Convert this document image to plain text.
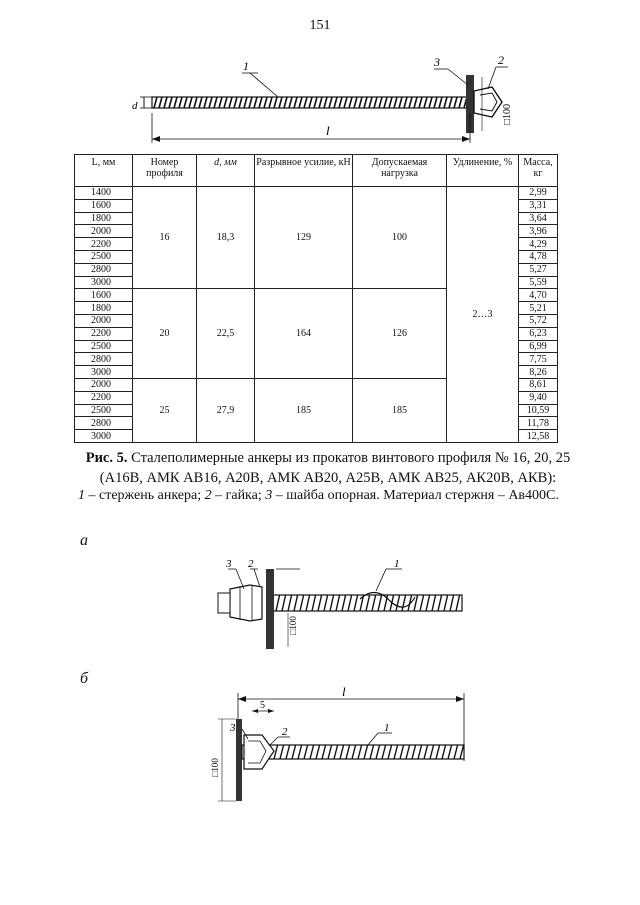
151
d
l
□100
1	3	2
L, мм	Номер профиля	d, мм	Разрывное усилие, кН	Допускаемая нагрузка	Удлинение, %	Масса, кг
1400	16	18,3	129	100	2…3	2,99
1600						3,31
1800						3,64
2000						3,96
2200						4,29
2500						4,78
2800						5,27
3000						5,59
1600	20	22,5	164	126		4,70
1800						5,21
2000						5,72
2200						6,23
2500						6,99
2800						7,75
3000						8,26
2000	25	27,9	185	185		8,61
2200						9,40
2500						10,59
2800						11,78
3000						12,58
Рис. 5. Сталеполимерные анкеры из прокатов винтового профиля № 16, 20, 25
(А16В, АМК АВ16, А20В, АМК АВ20, А25В, АМК АВ25, АК20В, АКВ):
1 – стержень анкера; 2 – гайка; 3 – шайба опорная. Материал стержня – Ав400С.
а
□100
3 2	1
б
l
5
□100
3	2	1
